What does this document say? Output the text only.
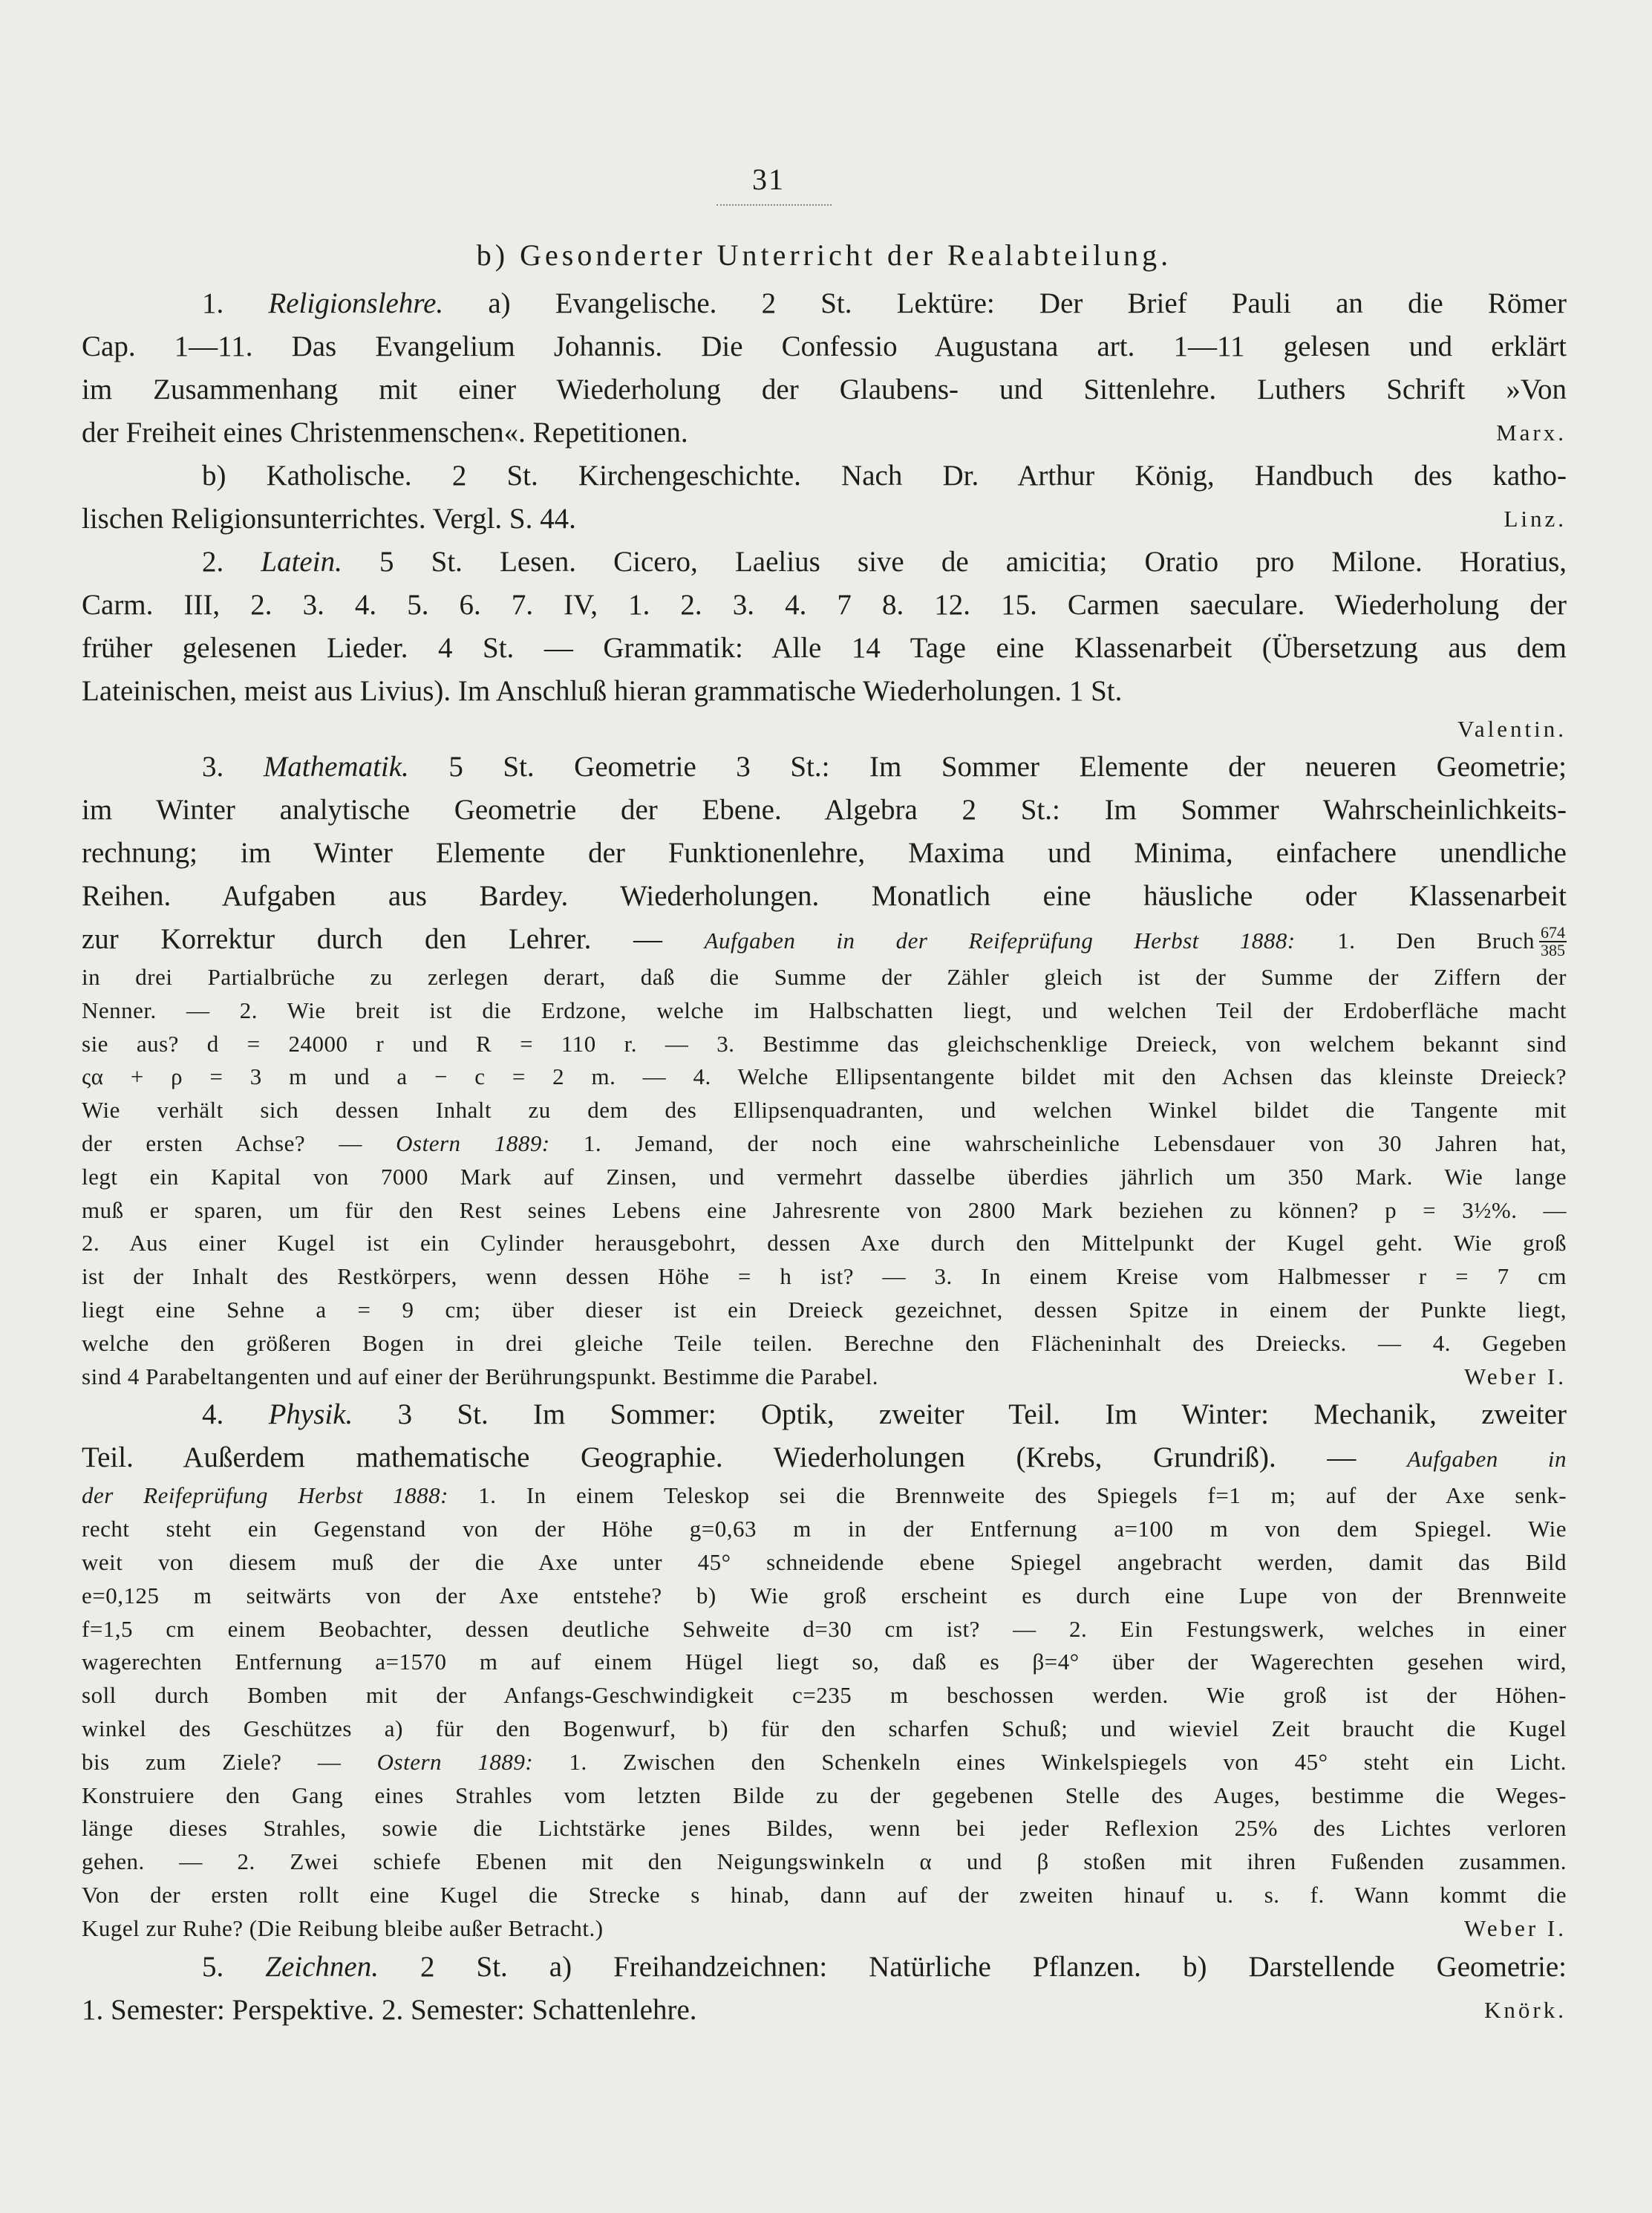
31
b) Gesonderter Unterricht der Realabteilung.

1. Religionslehre. a) Evangelische. 2 St. Lektüre: Der Brief Pauli an die Römer

Cap. 1—11. Das Evangelium Johannis. Die Confessio Augustana art. 1—11 gelesen und erklärt

im Zusammenhang mit einer Wiederholung der Glaubens- und Sittenlehre. Luthers Schrift »Von

Marx.
der Freiheit eines Christenmenschen«. Repetitionen.

b) Katholische. 2 St. Kirchengeschichte. Nach Dr. Arthur König, Handbuch des katho-

Linz.
lischen Religionsunterrichtes. Vergl. S. 44.

2. Latein. 5 St. Lesen. Cicero, Laelius sive de amicitia; Oratio pro Milone. Horatius,

Carm. III, 2. 3. 4. 5. 6. 7. IV, 1. 2. 3. 4. 7 8. 12. 15. Carmen saeculare. Wiederholung der

früher gelesenen Lieder. 4 St. — Grammatik: Alle 14 Tage eine Klassenarbeit (Übersetzung aus dem

Lateinischen, meist aus Livius). Im Anschluß hieran grammatische Wiederholungen. 1 St.

Valentin.

3. Mathematik. 5 St. Geometrie 3 St.: Im Sommer Elemente der neueren Geometrie;

im Winter analytische Geometrie der Ebene. Algebra 2 St.: Im Sommer Wahrscheinlichkeits-

rechnung; im Winter Elemente der Funktionenlehre, Maxima und Minima, einfachere unendliche

Reihen. Aufgaben aus Bardey. Wiederholungen. Monatlich eine häusliche oder Klassenarbeit

zur Korrektur durch den Lehrer. — Aufgaben in der Reifeprüfung Herbst 1888: 1. Den Bruch $\frac{674}{385}$

in drei Partialbrüche zu zerlegen derart, daß die Summe der Zähler gleich ist der Summe der Ziffern der

Nenner. — 2. Wie breit ist die Erdzone, welche im Halbschatten liegt, und welchen Teil der Erdoberfläche macht

sie aus? d = 24000 r und R = 110 r. — 3. Bestimme das gleichschenklige Dreieck, von welchem bekannt sind

ςα + ρ = 3 m und a − c = 2 m. — 4. Welche Ellipsentangente bildet mit den Achsen das kleinste Dreieck?

Wie verhält sich dessen Inhalt zu dem des Ellipsenquadranten, und welchen Winkel bildet die Tangente mit

der ersten Achse? — Ostern 1889: 1. Jemand, der noch eine wahrscheinliche Lebensdauer von 30 Jahren hat,

legt ein Kapital von 7000 Mark auf Zinsen, und vermehrt dasselbe überdies jährlich um 350 Mark. Wie lange

muß er sparen, um für den Rest seines Lebens eine Jahresrente von 2800 Mark beziehen zu können? p = 3½%. —

2. Aus einer Kugel ist ein Cylinder herausgebohrt, dessen Axe durch den Mittelpunkt der Kugel geht. Wie groß

ist der Inhalt des Restkörpers, wenn dessen Höhe = h ist? — 3. In einem Kreise vom Halbmesser r = 7 cm

liegt eine Sehne a = 9 cm; über dieser ist ein Dreieck gezeichnet, dessen Spitze in einem der Punkte liegt,

welche den größeren Bogen in drei gleiche Teile teilen. Berechne den Flächeninhalt des Dreiecks. — 4. Gegeben

Weber I.
sind 4 Parabeltangenten und auf einer der Berührungspunkt. Bestimme die Parabel.

4. Physik. 3 St. Im Sommer: Optik, zweiter Teil. Im Winter: Mechanik, zweiter

Teil. Außerdem mathematische Geographie. Wiederholungen (Krebs, Grundriß). — Aufgaben in

der Reifeprüfung Herbst 1888: 1. In einem Teleskop sei die Brennweite des Spiegels f=1 m; auf der Axe senk-

recht steht ein Gegenstand von der Höhe g=0,63 m in der Entfernung a=100 m von dem Spiegel. Wie

weit von diesem muß der die Axe unter 45° schneidende ebene Spiegel angebracht werden, damit das Bild

e=0,125 m seitwärts von der Axe entstehe? b) Wie groß erscheint es durch eine Lupe von der Brennweite

f=1,5 cm einem Beobachter, dessen deutliche Sehweite d=30 cm ist? — 2. Ein Festungswerk, welches in einer

wagerechten Entfernung a=1570 m auf einem Hügel liegt so, daß es β=4° über der Wagerechten gesehen wird,

soll durch Bomben mit der Anfangs-Geschwindigkeit c=235 m beschossen werden. Wie groß ist der Höhen-

winkel des Geschützes a) für den Bogenwurf, b) für den scharfen Schuß; und wieviel Zeit braucht die Kugel

bis zum Ziele? — Ostern 1889: 1. Zwischen den Schenkeln eines Winkelspiegels von 45° steht ein Licht.

Konstruiere den Gang eines Strahles vom letzten Bilde zu der gegebenen Stelle des Auges, bestimme die Weges-

länge dieses Strahles, sowie die Lichtstärke jenes Bildes, wenn bei jeder Reflexion 25% des Lichtes verloren

gehen. — 2. Zwei schiefe Ebenen mit den Neigungswinkeln α und β stoßen mit ihren Fußenden zusammen.

Von der ersten rollt eine Kugel die Strecke s hinab, dann auf der zweiten hinauf u. s. f. Wann kommt die

Weber I.
Kugel zur Ruhe? (Die Reibung bleibe außer Betracht.)

5. Zeichnen. 2 St. a) Freihandzeichnen: Natürliche Pflanzen. b) Darstellende Geometrie:

Knörk.
1. Semester: Perspektive. 2. Semester: Schattenlehre.
